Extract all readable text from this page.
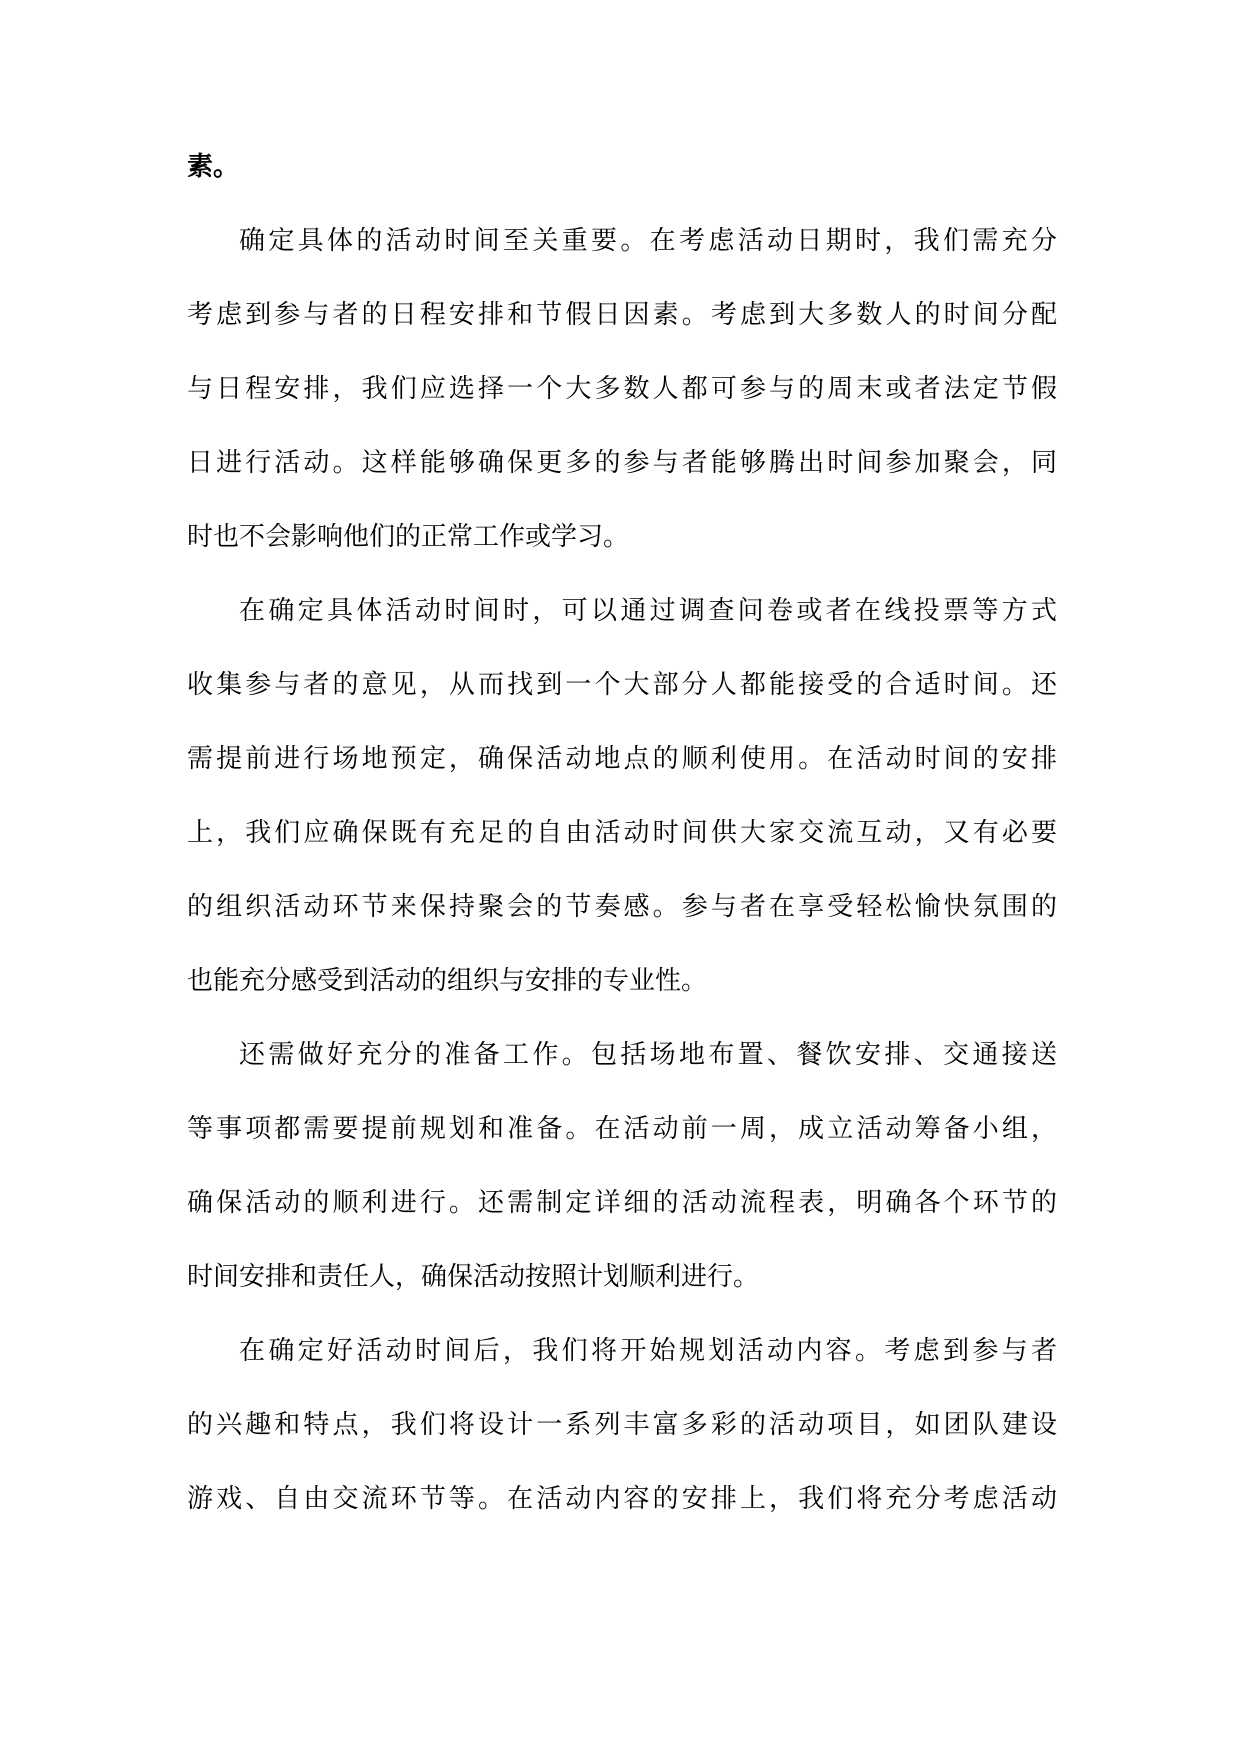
素。

确定具体的活动时间至关重要。在考虑活动日期时，我们需充分
考虑到参与者的日程安排和节假日因素。考虑到大多数人的时间分配
与日程安排，我们应选择一个大多数人都可参与的周末或者法定节假
日进行活动。这样能够确保更多的参与者能够腾出时间参加聚会，同
时也不会影响他们的正常工作或学习。

在确定具体活动时间时，可以通过调查问卷或者在线投票等方式
收集参与者的意见，从而找到一个大部分人都能接受的合适时间。还
需提前进行场地预定，确保活动地点的顺利使用。在活动时间的安排
上，我们应确保既有充足的自由活动时间供大家交流互动，又有必要
的组织活动环节来保持聚会的节奏感。参与者在享受轻松愉快氛围的
也能充分感受到活动的组织与安排的专业性。

还需做好充分的准备工作。包括场地布置、餐饮安排、交通接送
等事项都需要提前规划和准备。在活动前一周，成立活动筹备小组，
确保活动的顺利进行。还需制定详细的活动流程表，明确各个环节的
时间安排和责任人，确保活动按照计划顺利进行。

在确定好活动时间后，我们将开始规划活动内容。考虑到参与者
的兴趣和特点，我们将设计一系列丰富多彩的活动项目，如团队建设
游戏、自由交流环节等。在活动内容的安排上，我们将充分考虑活动
